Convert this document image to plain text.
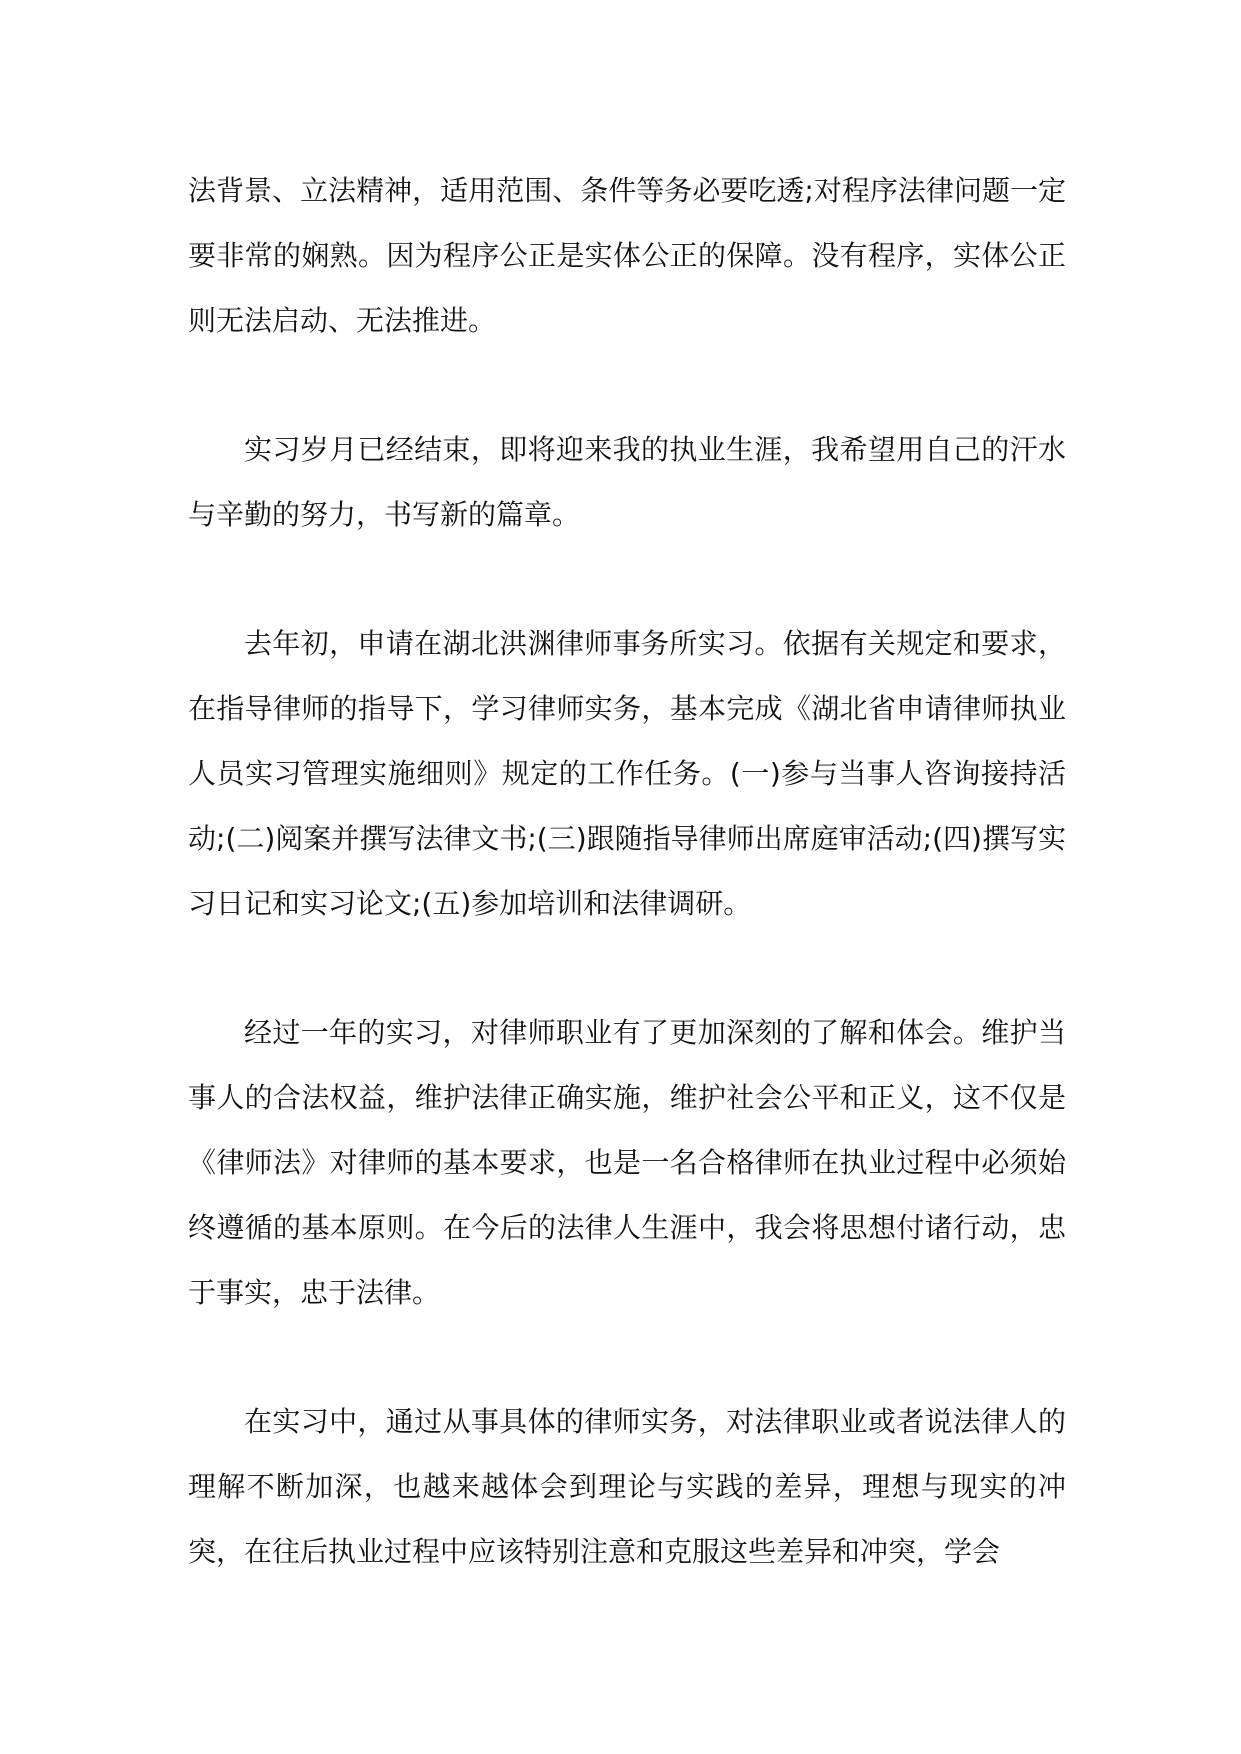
法背景、立法精神，适用范围、条件等务必要吃透;对程序法律问题一定要非常的娴熟。因为程序公正是实体公正的保障。没有程序，实体公正则无法启动、无法推进。

实习岁月已经结束，即将迎来我的执业生涯，我希望用自己的汗水与辛勤的努力，书写新的篇章。

去年初，申请在湖北洪渊律师事务所实习。依据有关规定和要求，在指导律师的指导下，学习律师实务，基本完成《湖北省申请律师执业人员实习管理实施细则》规定的工作任务。(一)参与当事人咨询接持活动;(二)阅案并撰写法律文书;(三)跟随指导律师出席庭审活动;(四)撰写实习日记和实习论文;(五)参加培训和法律调研。

经过一年的实习，对律师职业有了更加深刻的了解和体会。维护当事人的合法权益，维护法律正确实施，维护社会公平和正义，这不仅是《律师法》对律师的基本要求，也是一名合格律师在执业过程中必须始终遵循的基本原则。在今后的法律人生涯中，我会将思想付诸行动，忠于事实，忠于法律。

在实习中，通过从事具体的律师实务，对法律职业或者说法律人的理解不断加深，也越来越体会到理论与实践的差异，理想与现实的冲突，在往后执业过程中应该特别注意和克服这些差异和冲突，学会
